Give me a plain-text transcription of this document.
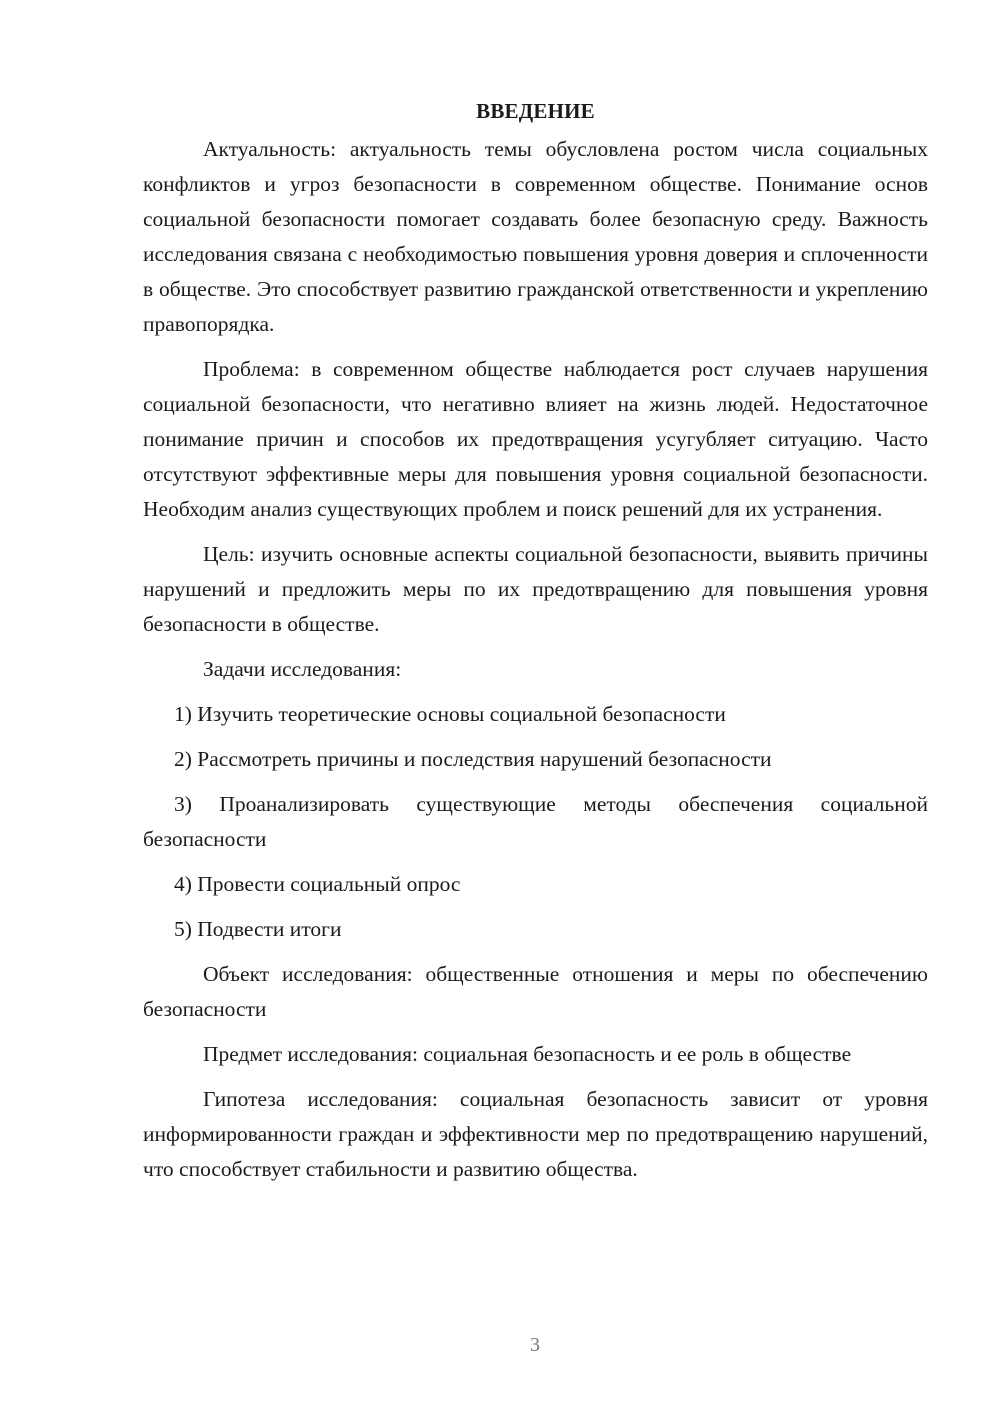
ВВЕДЕНИЕ

Актуальность: актуальность темы обусловлена ростом числа социальных конфликтов и угроз безопасности в современном обществе. Понимание основ социальной безопасности помогает создавать более безопасную среду. Важность исследования связана с необходимостью повышения уровня доверия и сплоченности в обществе. Это способствует развитию гражданской ответственности и укреплению правопорядка.

Проблема: в современном обществе наблюдается рост случаев нарушения социальной безопасности, что негативно влияет на жизнь людей. Недостаточное понимание причин и способов их предотвращения усугубляет ситуацию. Часто отсутствуют эффективные меры для повышения уровня социальной безопасности. Необходим анализ существующих проблем и поиск решений для их устранения.

Цель: изучить основные аспекты социальной безопасности, выявить причины нарушений и предложить меры по их предотвращению для повышения уровня безопасности в обществе.

Задачи исследования:

1) Изучить теоретические основы социальной безопасности

2) Рассмотреть причины и последствия нарушений безопасности

3) Проанализировать существующие методы обеспечения социальной безопасности

4) Провести социальный опрос

5) Подвести итоги

Объект исследования: общественные отношения и меры по обеспечению безопасности

Предмет исследования: социальная безопасность и ее роль в обществе

Гипотеза исследования: социальная безопасность зависит от уровня информированности граждан и эффективности мер по предотвращению нарушений, что способствует стабильности и развитию общества.

3
